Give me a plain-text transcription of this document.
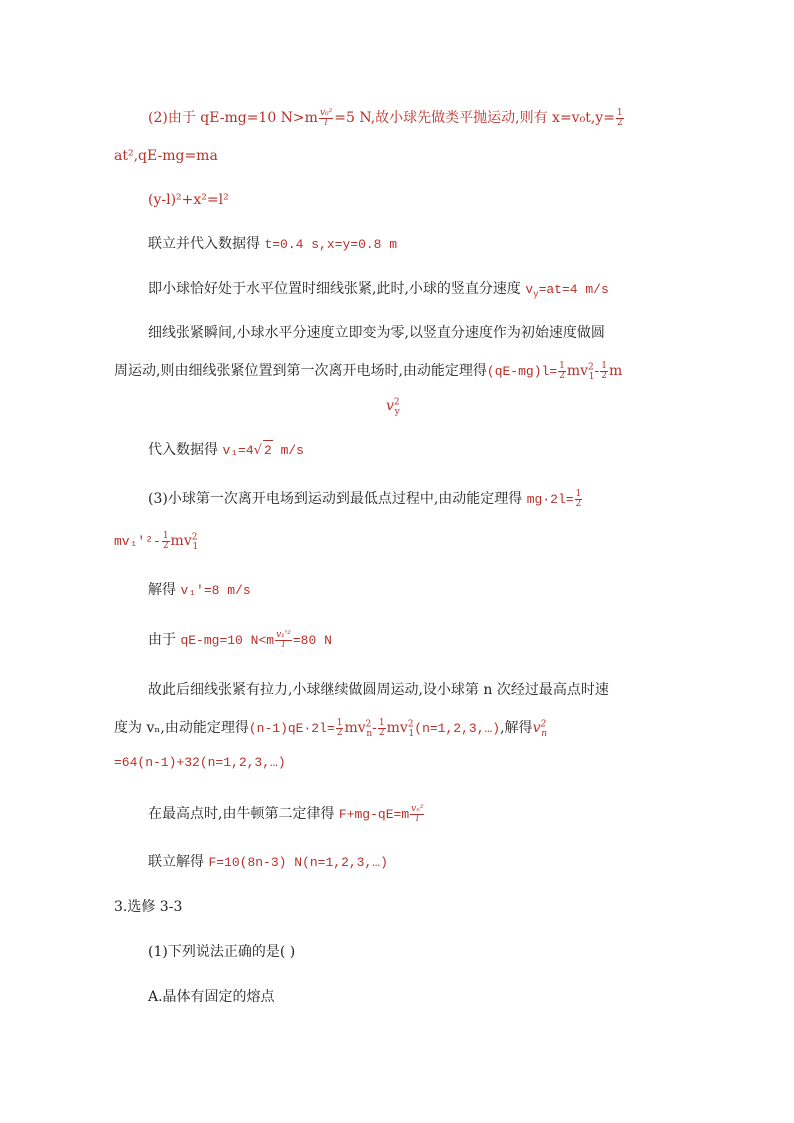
(2)由于 qE-mg=10 $N>m \frac{\text{v₀²}}{l} =5$ N,故小球先做类平抛运动,则有 $x=v_0t,y= \frac{1}{2}$
at²,qE-mg=ma
(y-l)²+x²=l²
联立并代入数据得 t=0.4 s,x=y=0.8 m
即小球恰好处于水平位置时细线张紧,此时,小球的竖直分速度 $v_y=at=4$ m/s
细线张紧瞬间,小球水平分速度立即变为零,以竖直分速度作为初始速度做圆
周运动,则由细线张紧位置到第一次离开电场时,由动能定理得$(qE-mg)l= \frac{1}{2} mv^2_1- \frac{1}{2}$ m
$v^2_y$
代入数据得 v₁=4√ 2 m/s
(3)小球第一次离开电场到运动到最低点过程中,由动能定理得 $mg\cdot 2l= \frac{1}{2}$
$mv_1'^2- \frac{1}{2} mv^2_1$
解得 v₁'=8 m/s
由于 qE-mg=10 $N<m \frac{\text{v₁'²}}{l} =80$ N
故此后细线张紧有拉力,小球继续做圆周运动,设小球第 n 次经过最高点时速
度为 vₙ,由动能定理得$(n-1)qE\cdot 2l= \frac{1}{2} mv^2_n- \frac{1}{2}$ $mv^2_1(n=1,2,3,\dots)$,解得$v^2_n$
=64(n-1)+32(n=1,2,3,…)
在最高点时,由牛顿第二定律得 $F+mg-qE=m \frac{\text{vₙ²}}{l}$
联立解得 F=10(8n-3) N(n=1,2,3,…)
3.选修 3-3
(1)下列说法正确的是( )
A.晶体有固定的熔点
